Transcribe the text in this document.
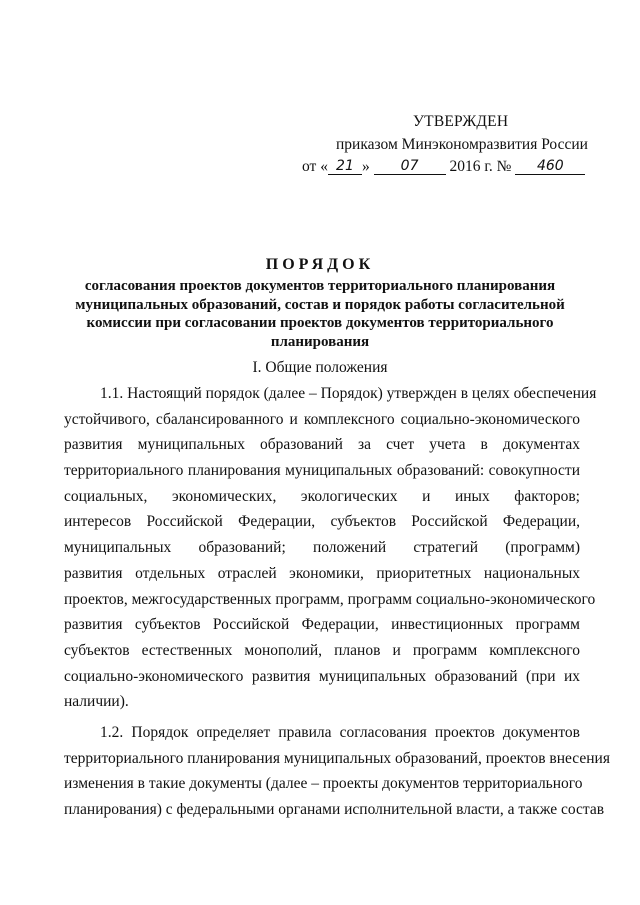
УТВЕРЖДЕН
приказом Минэкономразвития России
от « 21 » 07 2016 г. № 460
ПОРЯДОК
согласования проектов документов территориального планирования
муниципальных образований, состав и порядок работы согласительной
комиссии при согласовании проектов документов территориального
планирования
I. Общие положения
1.1. Настоящий порядок (далее – Порядок) утвержден в целях обеспечения
устойчивого, сбалансированного и комплексного социально-экономического
развития муниципальных образований за счет учета в документах
территориального планирования муниципальных образований: совокупности
социальных, экономических, экологических и иных факторов;
интересов Российской Федерации, субъектов Российской Федерации,
муниципальных образований; положений стратегий (программ)
развития отдельных отраслей экономики, приоритетных национальных
проектов, межгосударственных программ, программ социально-экономического
развития субъектов Российской Федерации, инвестиционных программ
субъектов естественных монополий, планов и программ комплексного
социально-экономического развития муниципальных образований (при их
наличии).
1.2. Порядок определяет правила согласования проектов документов
территориального планирования муниципальных образований, проектов внесения
изменения в такие документы (далее – проекты документов территориального
планирования) с федеральными органами исполнительной власти, а также состав
